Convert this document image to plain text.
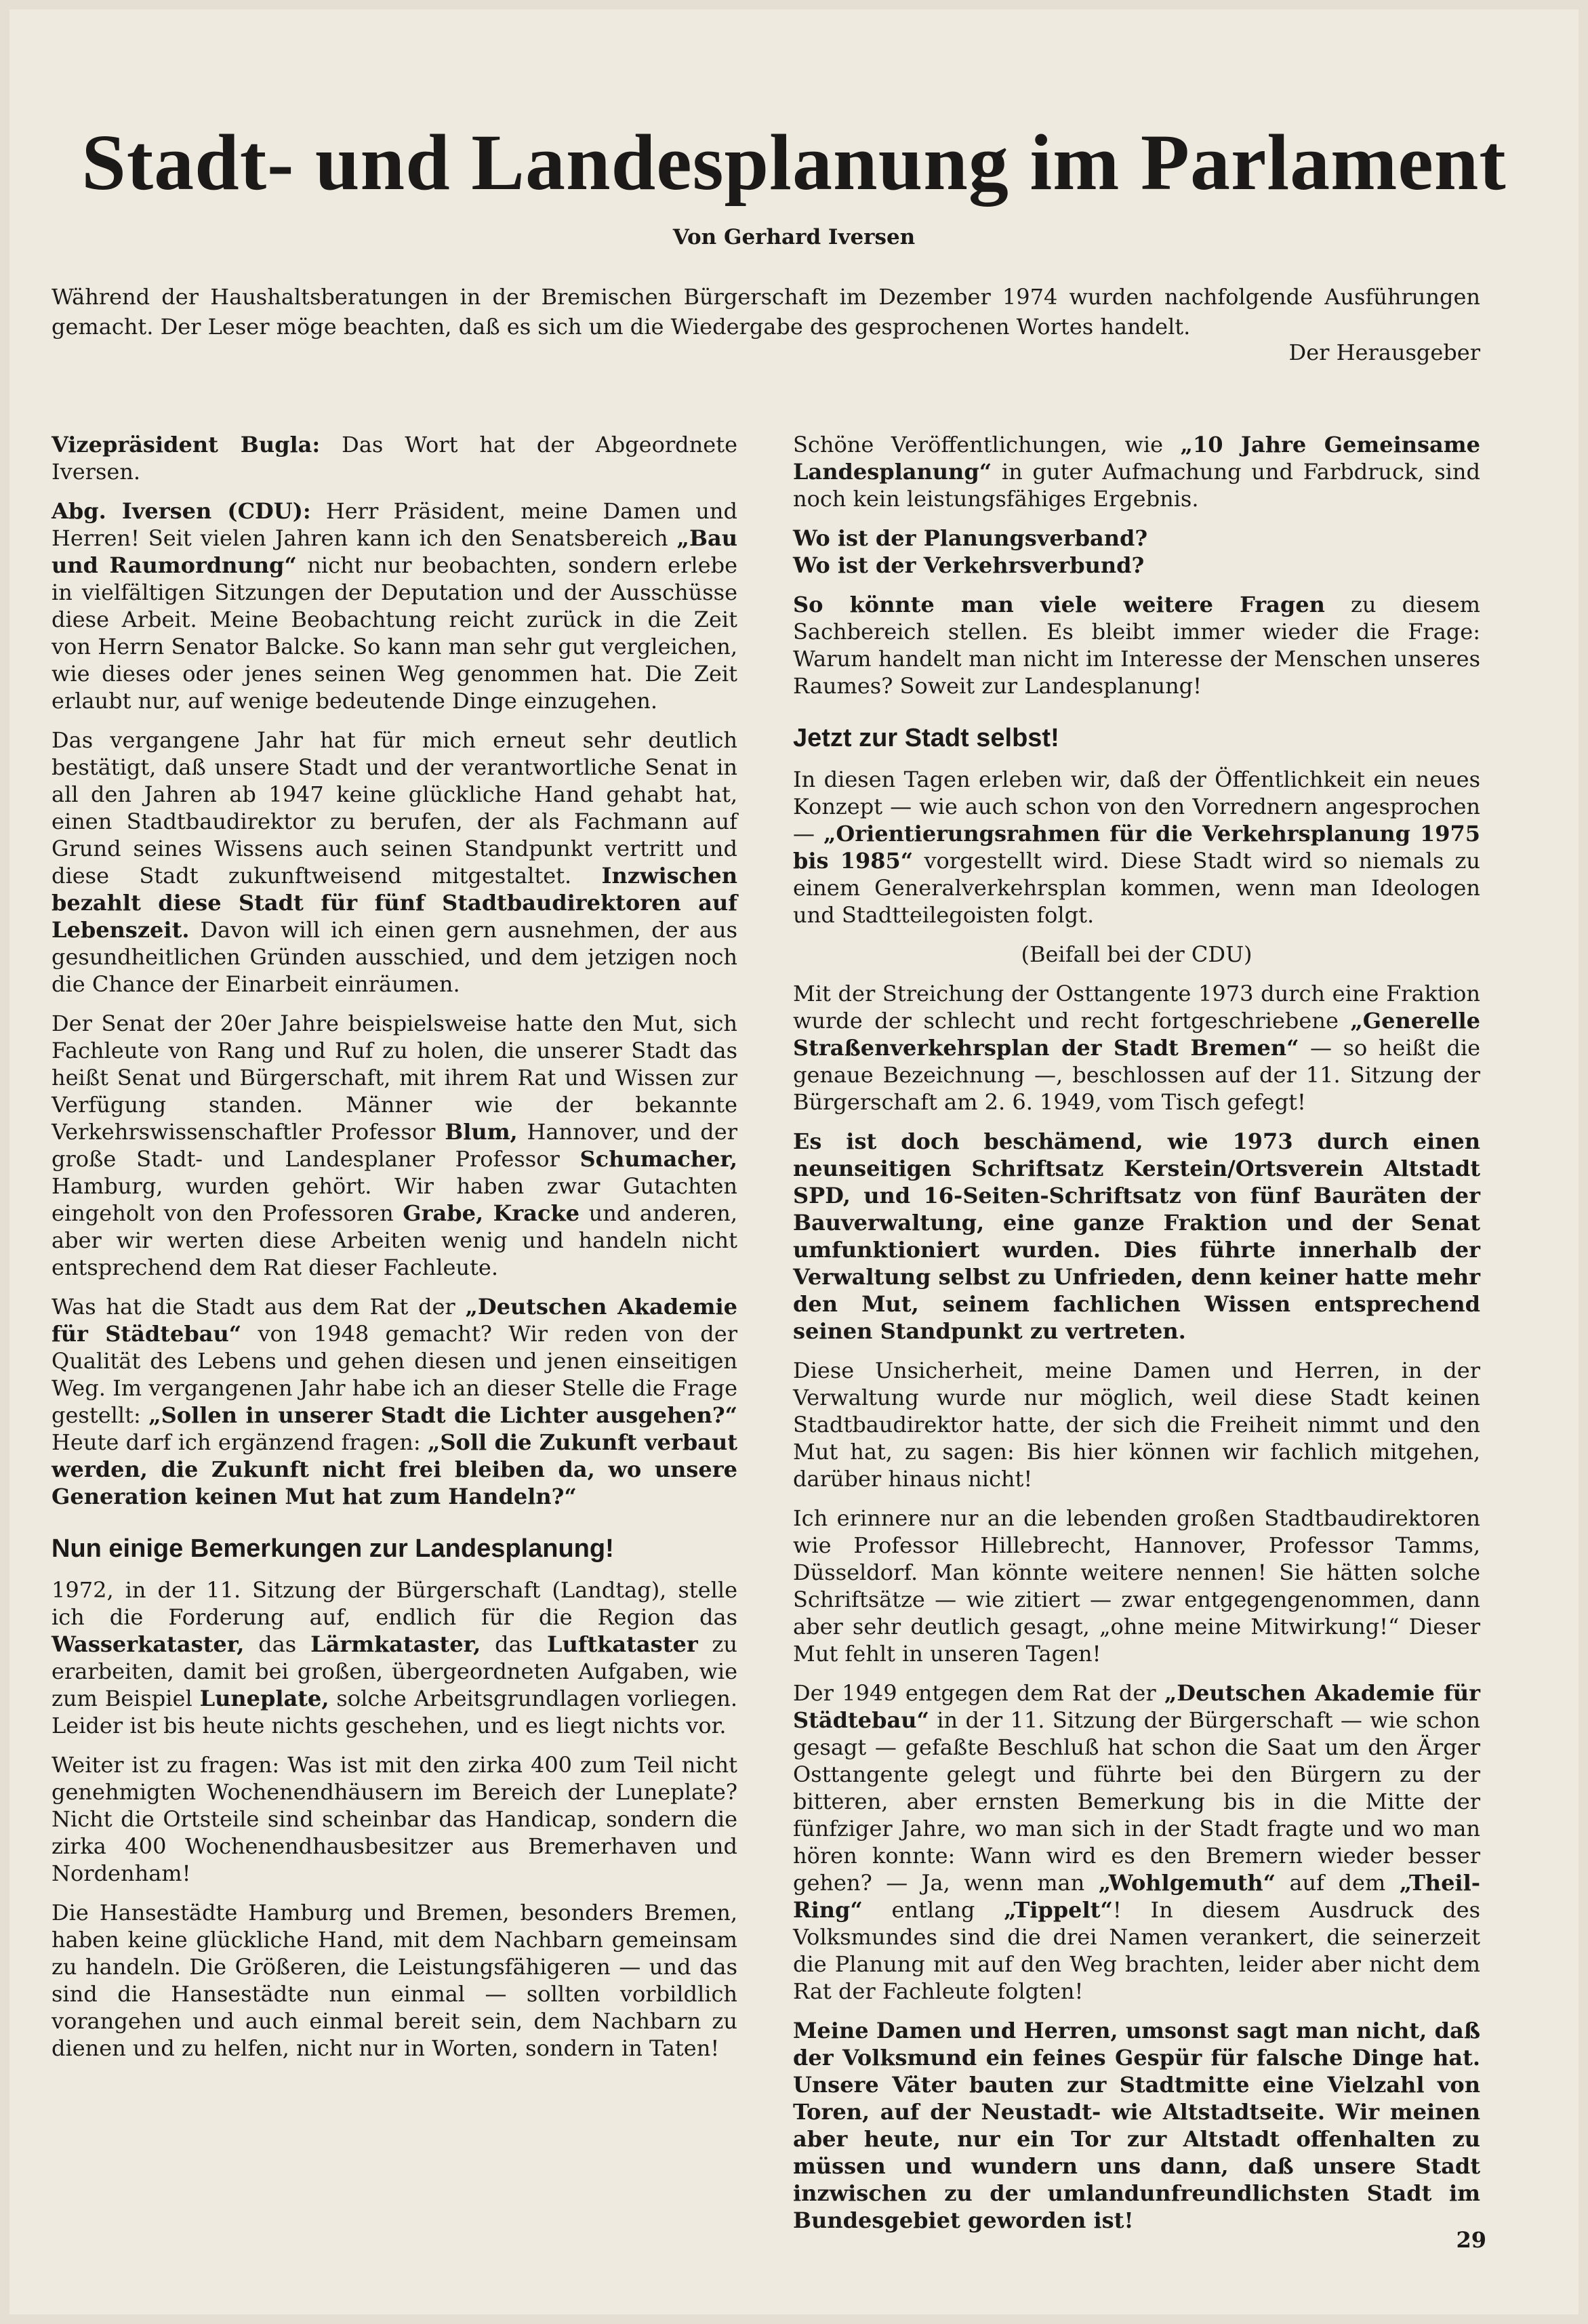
Stadt- und Landesplanung im Parlament
Von Gerhard Iversen

Während der Haushaltsberatungen in der Bremischen Bürgerschaft im Dezember 1974 wurden nachfolgende Ausführungen gemacht. Der Leser möge beachten, daß es sich um die Wiedergabe des gesprochenen Wortes handelt.

Der Herausgeber

Vizepräsident Bugla: Das Wort hat der Abgeordnete Iversen.

Abg. Iversen (CDU): Herr Präsident, meine Damen und Herren! Seit vielen Jahren kann ich den Senatsbereich „Bau und Raumordnung“ nicht nur beobachten, sondern erlebe in vielfältigen Sitzungen der Deputation und der Ausschüsse diese Arbeit. Meine Beobachtung reicht zurück in die Zeit von Herrn Senator Balcke. So kann man sehr gut vergleichen, wie dieses oder jenes seinen Weg genommen hat. Die Zeit erlaubt nur, auf wenige bedeutende Dinge einzugehen.

Das vergangene Jahr hat für mich erneut sehr deutlich bestätigt, daß unsere Stadt und der verantwortliche Senat in all den Jahren ab 1947 keine glückliche Hand gehabt hat, einen Stadtbaudirektor zu berufen, der als Fachmann auf Grund seines Wissens auch seinen Standpunkt vertritt und diese Stadt zukunftweisend mitgestaltet. Inzwischen bezahlt diese Stadt für fünf Stadtbaudirektoren auf Lebenszeit. Davon will ich einen gern ausnehmen, der aus gesundheitlichen Gründen ausschied, und dem jetzigen noch die Chance der Einarbeit einräumen.

Der Senat der 20er Jahre beispielsweise hatte den Mut, sich Fachleute von Rang und Ruf zu holen, die unserer Stadt das heißt Senat und Bürgerschaft, mit ihrem Rat und Wissen zur Verfügung standen. Männer wie der bekannte Verkehrswissenschaftler Professor Blum, Hannover, und der große Stadt- und Landesplaner Professor Schumacher, Hamburg, wurden gehört. Wir haben zwar Gutachten eingeholt von den Professoren Grabe, Kracke und anderen, aber wir werten diese Arbeiten wenig und handeln nicht entsprechend dem Rat dieser Fachleute.

Was hat die Stadt aus dem Rat der „Deutschen Akademie für Städtebau“ von 1948 gemacht? Wir reden von der Qualität des Lebens und gehen diesen und jenen einseitigen Weg. Im vergangenen Jahr habe ich an dieser Stelle die Frage gestellt: „Sollen in unserer Stadt die Lichter ausgehen?“ Heute darf ich ergänzend fragen: „Soll die Zukunft verbaut werden, die Zukunft nicht frei bleiben da, wo unsere Generation keinen Mut hat zum Handeln?“

Nun einige Bemerkungen zur Landesplanung!

1972, in der 11. Sitzung der Bürgerschaft (Landtag), stelle ich die Forderung auf, endlich für die Region das Wasserkataster, das Lärmkataster, das Luftkataster zu erarbeiten, damit bei großen, übergeordneten Aufgaben, wie zum Beispiel Luneplate, solche Arbeitsgrundlagen vorliegen. Leider ist bis heute nichts geschehen, und es liegt nichts vor.

Weiter ist zu fragen: Was ist mit den zirka 400 zum Teil nicht genehmigten Wochenendhäusern im Bereich der Luneplate? Nicht die Ortsteile sind scheinbar das Handicap, sondern die zirka 400 Wochenendhausbesitzer aus Bremerhaven und Nordenham!

Die Hansestädte Hamburg und Bremen, besonders Bremen, haben keine glückliche Hand, mit dem Nachbarn gemeinsam zu handeln. Die Größeren, die Leistungsfähigeren — und das sind die Hansestädte nun einmal — sollten vorbildlich vorangehen und auch einmal bereit sein, dem Nachbarn zu dienen und zu helfen, nicht nur in Worten, sondern in Taten!

Schöne Veröffentlichungen, wie „10 Jahre Gemeinsame Landesplanung“ in guter Aufmachung und Farbdruck, sind noch kein leistungsfähiges Ergebnis.

Wo ist der Planungsverband?

Wo ist der Verkehrsverbund?

So könnte man viele weitere Fragen zu diesem Sachbereich stellen. Es bleibt immer wieder die Frage: Warum handelt man nicht im Interesse der Menschen unseres Raumes? Soweit zur Landesplanung!

Jetzt zur Stadt selbst!

In diesen Tagen erleben wir, daß der Öffentlichkeit ein neues Konzept — wie auch schon von den Vorrednern angesprochen — „Orientierungsrahmen für die Verkehrsplanung 1975 bis 1985“ vorgestellt wird. Diese Stadt wird so niemals zu einem Generalverkehrsplan kommen, wenn man Ideologen und Stadtteilegoisten folgt.

(Beifall bei der CDU)

Mit der Streichung der Osttangente 1973 durch eine Fraktion wurde der schlecht und recht fortgeschriebene „Generelle Straßenverkehrsplan der Stadt Bremen“ — so heißt die genaue Bezeichnung —, beschlossen auf der 11. Sitzung der Bürgerschaft am 2. 6. 1949, vom Tisch gefegt!

Es ist doch beschämend, wie 1973 durch einen neunseitigen Schriftsatz Kerstein/Ortsverein Altstadt SPD, und 16-Seiten-Schriftsatz von fünf Bauräten der Bauverwaltung, eine ganze Fraktion und der Senat umfunktioniert wurden. Dies führte innerhalb der Verwaltung selbst zu Unfrieden, denn keiner hatte mehr den Mut, seinem fachlichen Wissen entsprechend seinen Standpunkt zu vertreten.

Diese Unsicherheit, meine Damen und Herren, in der Verwaltung wurde nur möglich, weil diese Stadt keinen Stadtbaudirektor hatte, der sich die Freiheit nimmt und den Mut hat, zu sagen: Bis hier können wir fachlich mitgehen, darüber hinaus nicht!

Ich erinnere nur an die lebenden großen Stadtbaudirektoren wie Professor Hillebrecht, Hannover, Professor Tamms, Düsseldorf. Man könnte weitere nennen! Sie hätten solche Schriftsätze — wie zitiert — zwar entgegengenommen, dann aber sehr deutlich gesagt, „ohne meine Mitwirkung!“ Dieser Mut fehlt in unseren Tagen!

Der 1949 entgegen dem Rat der „Deutschen Akademie für Städtebau“ in der 11. Sitzung der Bürgerschaft — wie schon gesagt — gefaßte Beschluß hat schon die Saat um den Ärger Osttangente gelegt und führte bei den Bürgern zu der bitteren, aber ernsten Bemerkung bis in die Mitte der fünfziger Jahre, wo man sich in der Stadt fragte und wo man hören konnte: Wann wird es den Bremern wieder besser gehen? — Ja, wenn man „Wohlgemuth“ auf dem „Theil-Ring“ entlang „Tippelt“! In diesem Ausdruck des Volksmundes sind die drei Namen verankert, die seinerzeit die Planung mit auf den Weg brachten, leider aber nicht dem Rat der Fachleute folgten!

Meine Damen und Herren, umsonst sagt man nicht, daß der Volksmund ein feines Gespür für falsche Dinge hat. Unsere Väter bauten zur Stadtmitte eine Vielzahl von Toren, auf der Neustadt- wie Altstadtseite. Wir meinen aber heute, nur ein Tor zur Altstadt offenhalten zu müssen und wundern uns dann, daß unsere Stadt inzwischen zu der umlandunfreundlichsten Stadt im Bundesgebiet geworden ist!

29
